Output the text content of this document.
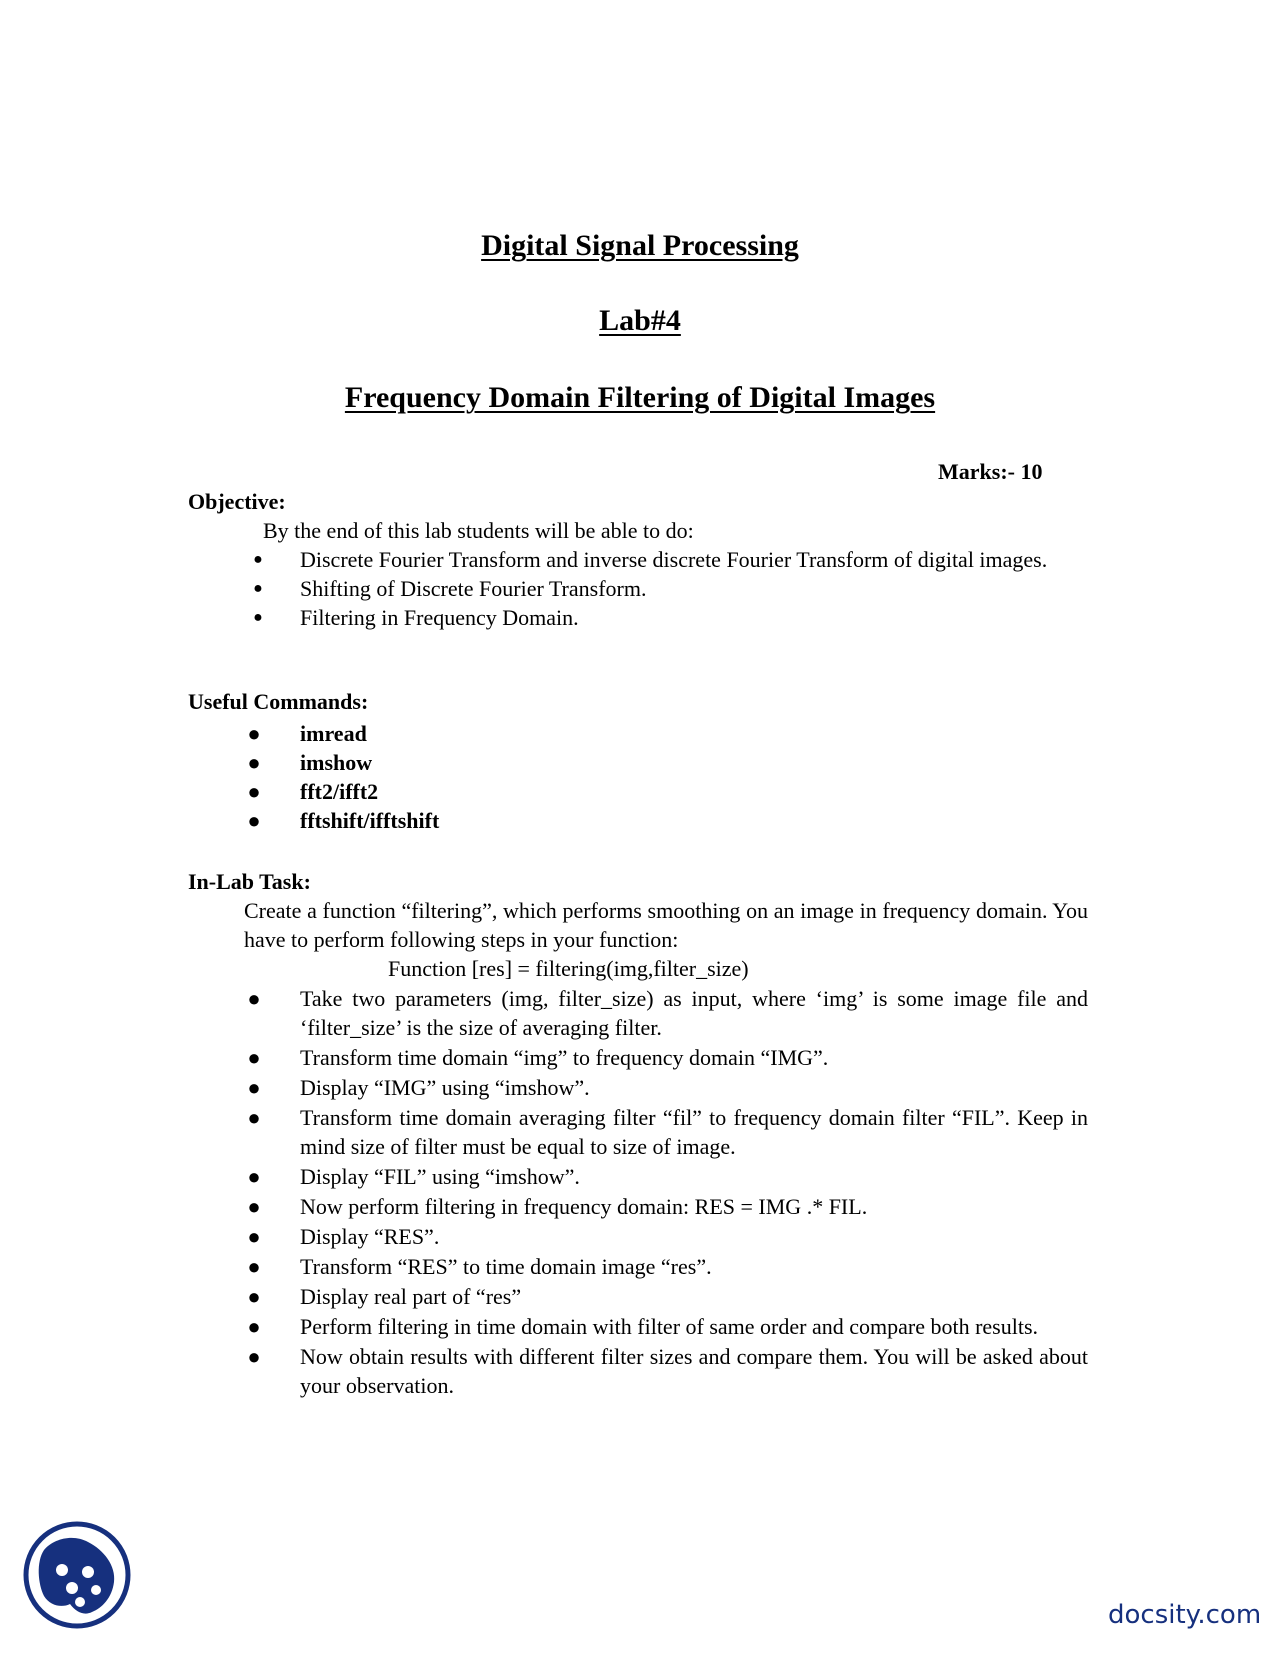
Digital Signal Processing
Lab#4
Frequency Domain Filtering of Digital Images
Marks:- 10
Objective:
By the end of this lab students will be able to do:
● Discrete Fourier Transform and inverse discrete Fourier Transform of digital images.
● Shifting of Discrete Fourier Transform.
● Filtering in Frequency Domain.
Useful Commands:
● imread
● imshow
● fft2/ifft2
● fftshift/ifftshift
In-Lab Task:
Create a function “filtering”, which performs smoothing on an image in frequency domain. You have to perform following steps in your function:
Function [res] = filtering(img,filter_size)
● Take two parameters (img, filter_size) as input, where ‘img’ is some image file and ‘filter_size’ is the size of averaging filter.
● Transform time domain “img” to frequency domain “IMG”.
● Display “IMG” using “imshow”.
● Transform time domain averaging filter “fil” to frequency domain filter “FIL”. Keep in mind size of filter must be equal to size of image.
● Display “FIL” using “imshow”.
● Now perform filtering in frequency domain: RES = IMG .* FIL.
● Display “RES”.
● Transform “RES” to time domain image “res”.
● Display real part of “res”
● Perform filtering in time domain with filter of same order and compare both results.
● Now obtain results with different filter sizes and compare them. You will be asked about your observation.
docsity.com
